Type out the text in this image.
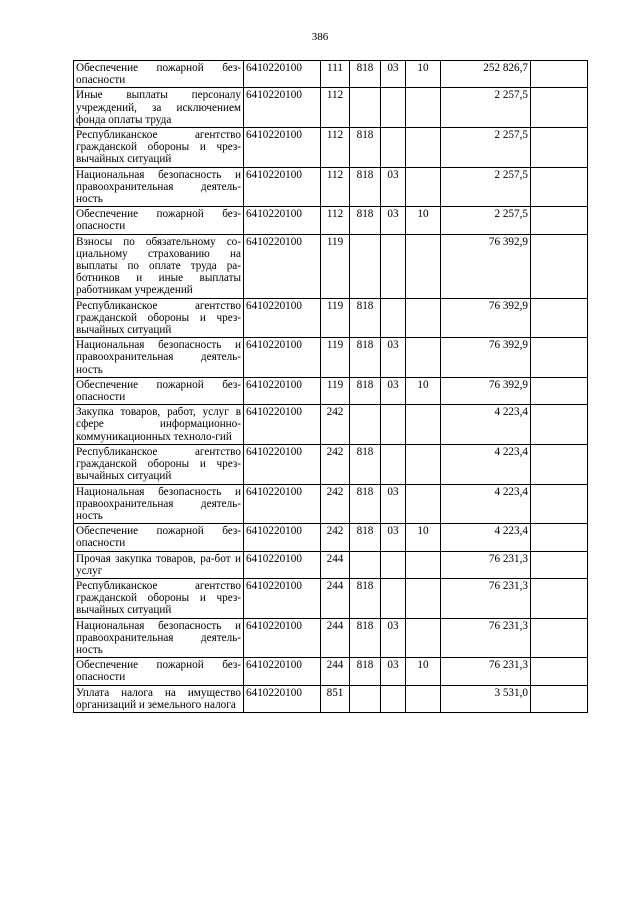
386
Обеспечение пожарной без-опасности	6410220100	111	818	03	10	252 826,7	
Иные выплаты персоналу учреждений, за исключением фонда оплаты труда	6410220100	112				2 257,5	
Республиканское агентство гражданской обороны и чрез-вычайных ситуаций	6410220100	112	818			2 257,5	
Национальная безопасность и правоохранительная деятель-ность	6410220100	112	818	03		2 257,5	
Обеспечение пожарной без-опасности	6410220100	112	818	03	10	2 257,5	
Взносы по обязательному со-циальному страхованию на выплаты по оплате труда ра-ботников и иные выплаты работникам учреждений	6410220100	119				76 392,9	
Республиканское агентство гражданской обороны и чрез-вычайных ситуаций	6410220100	119	818			76 392,9	
Национальная безопасность и правоохранительная деятель-ность	6410220100	119	818	03		76 392,9	
Обеспечение пожарной без-опасности	6410220100	119	818	03	10	76 392,9	
Закупка товаров, работ, услуг в сфере информационно-коммуникационных техноло-гий	6410220100	242				4 223,4	
Республиканское агентство гражданской обороны и чрез-вычайных ситуаций	6410220100	242	818			4 223,4	
Национальная безопасность и правоохранительная деятель-ность	6410220100	242	818	03		4 223,4	
Обеспечение пожарной без-опасности	6410220100	242	818	03	10	4 223,4	
Прочая закупка товаров, ра-бот и услуг	6410220100	244				76 231,3	
Республиканское агентство гражданской обороны и чрез-вычайных ситуаций	6410220100	244	818			76 231,3	
Национальная безопасность и правоохранительная деятель-ность	6410220100	244	818	03		76 231,3	
Обеспечение пожарной без-опасности	6410220100	244	818	03	10	76 231,3	
Уплата налога на имущество организаций и земельного налога	6410220100	851				3 531,0	
